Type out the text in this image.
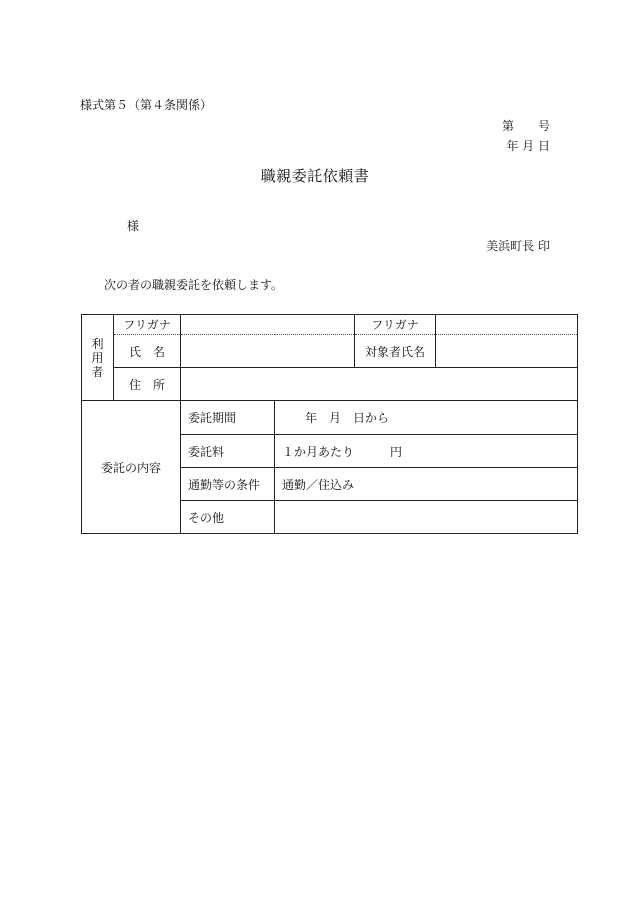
様式第５（第４条関係）
第　　号
年 月 日
職親委託依頼書
様
美浜町長 印
次の者の職親委託を依頼します。
利
用
者	フリガナ			フリガナ	
	氏　名			対象者氏名	
	住　所				
委託の内容		委託期間	年　月　日から		
		委託料	１か月あたり　　　円		
		通勤等の条件	通勤／住込み		
		その他			
